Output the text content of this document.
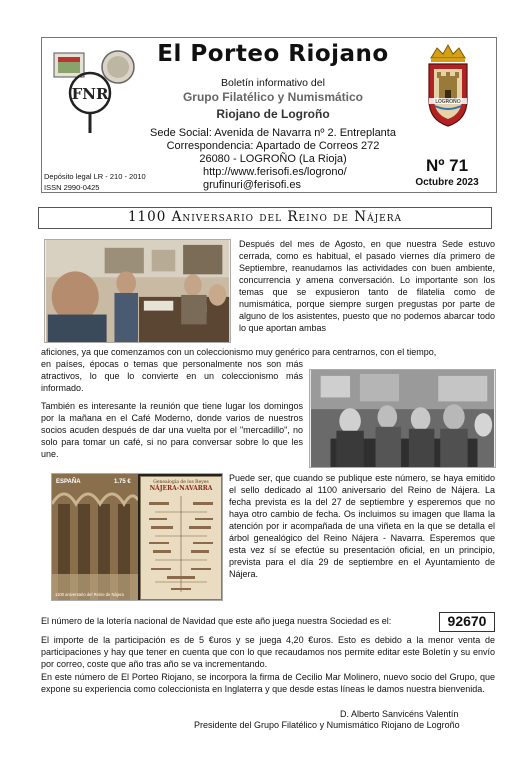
FNR
El Porteo Riojano
Boletín informativo del
Grupo Filatélico y Numismático
Riojano de Logroño
Sede Social: Avenida de Navarra nº 2. Entreplanta
Correspondencia: Apartado de Correos 272
26080 - LOGROÑO (La Rioja)
Depósito legal LR - 210 - 2010
ISSN 2990-0425
http://www.ferisofi.es/logrono/
grufinuri@ferisofi.es
Nº 71
Octubre 2023
LOGROÑO
1100 Aniversario del Reino de Nájera
ESPAÑA	1.75 €
1100 aniversario del Reino de Nájera
Genealogía de los Reyes
NÁJERA-NAVARRA

Después del mes de Agosto, en que nuestra Sede estuvo cerrada, como es habitual, el pasado viernes día primero de Septiembre, reanudamos las actividades con buen ambiente, concurrencia y amena conversación. Lo importante son los temas que se expusieron tanto de filatelia como de numismática, porque siempre surgen pregustas por parte de alguno de los asistentes, puesto que no podemos abarcar todo lo que aportan ambas

aficiones, ya que comenzamos con un coleccionismo muy genérico para centrarnos, con el tiempo,

en países, épocas o temas que personalmente nos son más atractivos, lo que lo convierte en un coleccionismo más informado.

También es interesante la reunión que tiene lugar los domingos por la mañana en el Café Moderno, donde varios de nuestros socios acuden después de dar una vuelta por el "mercadillo", no solo para tomar un café, si no para conversar sobre lo que les une.

Puede ser, que cuando se publique este número, se haya emitido el sello dedicado al 1100 aniversario del Reino de Nájera. La fecha prevista es la del 27 de septiembre y esperemos que no haya otro cambio de fecha. Os incluimos su imagen que llama la atención por ir acompañada de una viñeta en la que se detalla el árbol genealógico del Reino Nájera - Navarra. Esperemos que esta vez sí se efectúe su presentación oficial, en un principio, prevista para el día 29 de septiembre en el Ayuntamiento de Nájera.

El número de la lotería nacional de Navidad que este año juega nuestra Sociedad es el:	92670

El importe de la participación es de 5 €uros y se juega 4,20 €uros. Esto es debido a la menor venta de participaciones y hay que tener en cuenta que con lo que recaudamos nos permite editar este Boletín y su envío por correo, coste que año tras año se va incrementando.

En este número de El Porteo Riojano, se incorpora la firma de Cecilio Mar Molinero, nuevo socio del Grupo, que expone su experiencia como coleccionista en Inglaterra y que desde estas líneas le damos nuestra bienvenida.

D. Alberto Sanvicéns Valentín
Presidente del Grupo Filatélico y Numismático Riojano de Logroño
